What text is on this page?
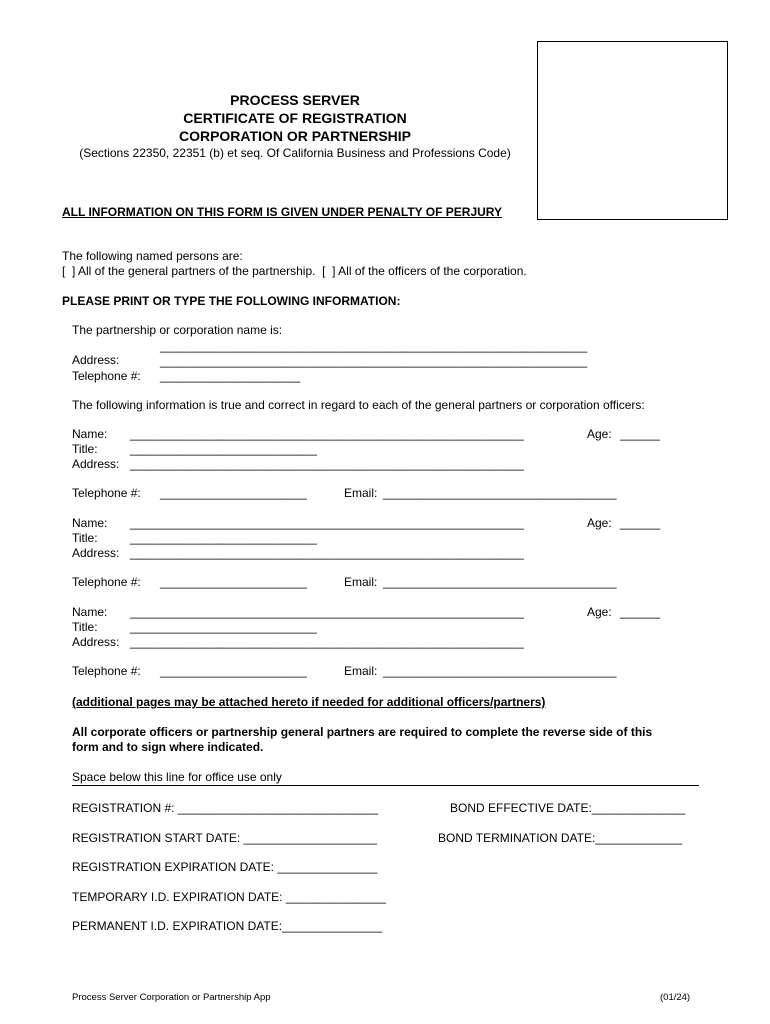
PROCESS SERVER
CERTIFICATE OF REGISTRATION
CORPORATION OR PARTNERSHIP
(Sections 22350, 22351 (b) et seq. Of California Business and Professions Code)
ALL INFORMATION ON THIS FORM IS GIVEN UNDER PENALTY OF PERJURY
The following named persons are:
[  ] All of the general partners of the partnership.  [  ] All of the officers of the corporation.
PLEASE PRINT OR TYPE THE FOLLOWING INFORMATION:
The partnership or corporation name is:
________________________________________________________________
Address:	________________________________________________________________
Telephone #: _____________________
The following information is true and correct in regard to each of the general partners or corporation officers:
Name: ___________________________________________________________	Age: ______
Title:	____________________________
Address: ___________________________________________________________
Telephone #: ______________________	Email: ___________________________________
Name: ___________________________________________________________	Age: ______
Title:	____________________________
Address: ___________________________________________________________
Telephone #: ______________________	Email: ___________________________________
Name: ___________________________________________________________	Age: ______
Title:	____________________________
Address: ___________________________________________________________
Telephone #: ______________________	Email: ___________________________________
(additional pages may be attached hereto if needed for additional officers/partners)
All corporate officers or partnership general partners are required to complete the reverse side of this
form and to sign where indicated.
Space below this line for office use only
REGISTRATION #: ______________________________	BOND EFFECTIVE DATE:______________
REGISTRATION START DATE: ____________________	BOND TERMINATION DATE:_____________
REGISTRATION EXPIRATION DATE: _______________
TEMPORARY I.D. EXPIRATION DATE: _______________
PERMANENT I.D. EXPIRATION DATE:_______________
Process Server Corporation or Partnership App	(01/24)
